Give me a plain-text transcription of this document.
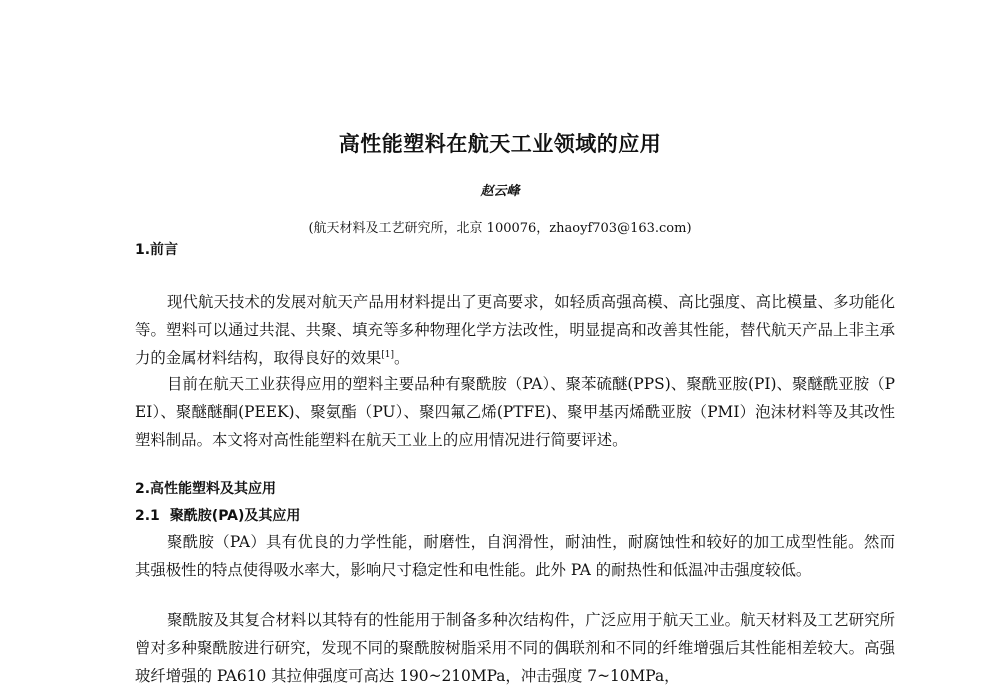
高性能塑料在航天工业领域的应用
赵云峰
(航天材料及工艺研究所，北京 100076，zhaoyf703@163.com)
1.前言

现代航天技术的发展对航天产品用材料提出了更高要求，如轻质高强高模、高比强度、高比模量、多功能化等。塑料可以通过共混、共聚、填充等多种物理化学方法改性，明显提高和改善其性能，替代航天产品上非主承力的金属材料结构，取得良好的效果[1]。

目前在航天工业获得应用的塑料主要品种有聚酰胺（PA）、聚苯硫醚(PPS)、聚酰亚胺(PI)、聚醚酰亚胺（PEI）、聚醚醚酮(PEEK)、聚氨酯（PU）、聚四氟乙烯(PTFE)、聚甲基丙烯酰亚胺（PMI）泡沫材料等及其改性塑料制品。本文将对高性能塑料在航天工业上的应用情况进行简要评述。

2.高性能塑料及其应用
2.1 聚酰胺(PA)及其应用

聚酰胺（PA）具有优良的力学性能，耐磨性，自润滑性，耐油性，耐腐蚀性和较好的加工成型性能。然而其强极性的特点使得吸水率大，影响尺寸稳定性和电性能。此外 PA 的耐热性和低温冲击强度较低。

聚酰胺及其复合材料以其特有的性能用于制备多种次结构件，广泛应用于航天工业。航天材料及工艺研究所曾对多种聚酰胺进行研究，发现不同的聚酰胺树脂采用不同的偶联剂和不同的纤维增强后其性能相差较大。高强玻纤增强的 PA610 其拉伸强度可高达 190~210MPa，冲击强度 7~10MPa，
